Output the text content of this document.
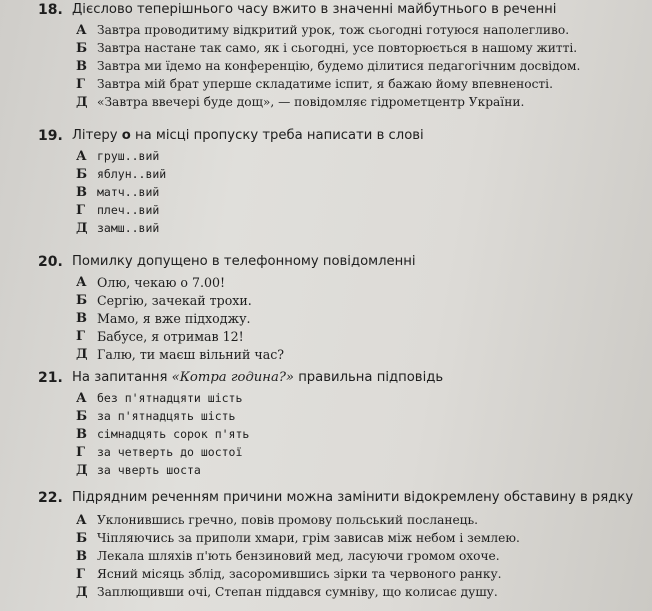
18. Дієслово теперішнього часу вжито в значенні майбутнього в реченні
А Завтра проводитиму відкритий урок, тож сьогодні готуюся наполегливо.
Б Завтра настане так само, як і сьогодні, усе повторюється в нашому житті.
В Завтра ми їдемо на конференцію, будемо ділитися педагогічним досвідом.
Г Завтра мій брат уперше складатиме іспит, я бажаю йому впевненості.
Д «Завтра ввечері буде дощ», — повідомляє гідрометцентр України.
19. Літеру о на місці пропуску треба написати в слові
А груш..вий
Б яблун..вий
В матч..вий
Г плеч..вий
Д замш..вий
20. Помилку допущено в телефонному повідомленні
А Олю, чекаю о 7.00!
Б Сергію, зачекай трохи.
В Мамо, я вже підходжу.
Г Бабусе, я отримав 12!
Д Галю, ти маєш вільний час?
21. На запитання «Котра година?» правильна підповідь
А без п'ятнадцяти шість
Б за п'ятнадцять шість
В сімнадцять сорок п'ять
Г за четверть до шостої
Д за чверть шоста
22. Підрядним реченням причини можна замінити відокремлену обставину в рядку
А Уклонившись гречно, повів промову польський посланець.
Б Чіпляючись за приполи хмари, грім зависав між небом і землею.
В Лекала шляхів п'ють бензиновий мед, ласуючи громом охоче.
Г Ясний місяць зблід, засоромившись зірки та червоного ранку.
Д Заплющивши очі, Степан піддався сумніву, що колисає душу.
